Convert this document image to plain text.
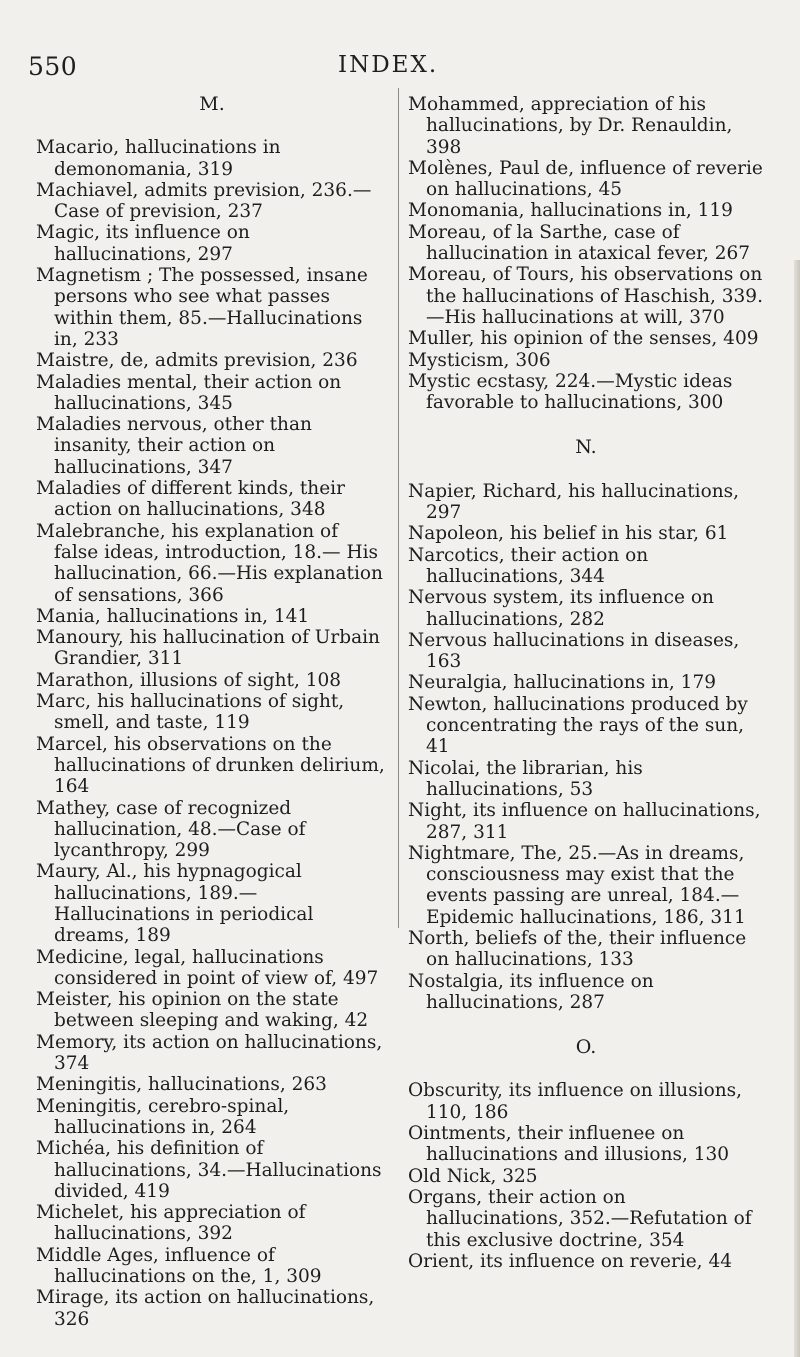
550	INDEX.
M.

Macario, hallucinations in demonomania, 319

Machiavel, admits prevision, 236.— Case of prevision, 237

Magic, its influence on hallucinations, 297

Magnetism ; The possessed, insane persons who see what passes within them, 85.—Hallucinations in, 233

Maistre, de, admits prevision, 236

Maladies mental, their action on hallucinations, 345

Maladies nervous, other than insanity, their action on hallucinations, 347

Maladies of different kinds, their action on hallucinations, 348

Malebranche, his explanation of false ideas, introduction, 18.— His hallucination, 66.—His explanation of sensations, 366

Mania, hallucinations in, 141

Manoury, his hallucination of Urbain Grandier, 311

Marathon, illusions of sight, 108

Marc, his hallucinations of sight, smell, and taste, 119

Marcel, his observations on the hallucinations of drunken delirium, 164

Mathey, case of recognized hallucination, 48.—Case of lycanthropy, 299

Maury, Al., his hypnagogical hallucinations, 189.—Hallucinations in periodical dreams, 189

Medicine, legal, hallucinations considered in point of view of, 497

Meister, his opinion on the state between sleeping and waking, 42

Memory, its action on hallucinations, 374

Meningitis, hallucinations, 263

Meningitis, cerebro-spinal, hallucinations in, 264

Michéa, his definition of hallucinations, 34.—Hallucinations divided, 419

Michelet, his appreciation of hallucinations, 392

Middle Ages, influence of hallucinations on the, 1, 309

Mirage, its action on hallucinations, 326

Mohammed, appreciation of his hallucinations, by Dr. Renauldin, 398

Molènes, Paul de, influence of reverie on hallucinations, 45

Monomania, hallucinations in, 119

Moreau, of la Sarthe, case of hallucination in ataxical fever, 267

Moreau, of Tours, his observations on the hallucinations of Haschish, 339.—His hallucinations at will, 370

Muller, his opinion of the senses, 409

Mysticism, 306

Mystic ecstasy, 224.—Mystic ideas favorable to hallucinations, 300

N.

Napier, Richard, his hallucinations, 297

Napoleon, his belief in his star, 61

Narcotics, their action on hallucinations, 344

Nervous system, its influence on hallucinations, 282

Nervous hallucinations in diseases, 163

Neuralgia, hallucinations in, 179

Newton, hallucinations produced by concentrating the rays of the sun, 41

Nicolai, the librarian, his hallucinations, 53

Night, its influence on hallucinations, 287, 311

Nightmare, The, 25.—As in dreams, consciousness may exist that the events passing are unreal, 184.— Epidemic hallucinations, 186, 311

North, beliefs of the, their influence on hallucinations, 133

Nostalgia, its influence on hallucinations, 287

O.

Obscurity, its influence on illusions, 110, 186

Ointments, their influenee on hallucinations and illusions, 130

Old Nick, 325

Organs, their action on hallucinations, 352.—Refutation of this exclusive doctrine, 354

Orient, its influence on reverie, 44
